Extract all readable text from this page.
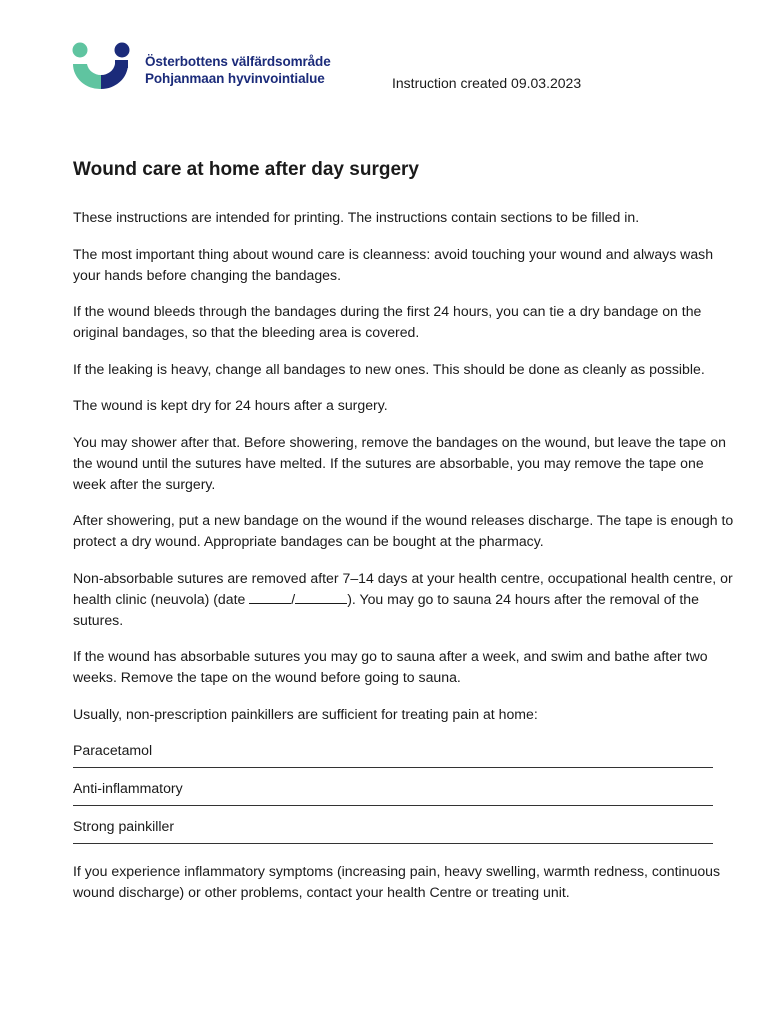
Österbottens välfärdsområde
Pohjanmaan hyvinvointialue	Instruction created 09.03.2023
Wound care at home after day surgery

These instructions are intended for printing. The instructions contain sections to be filled in.

The most important thing about wound care is cleanness: avoid touching your wound and always wash your hands before changing the bandages.

If the wound bleeds through the bandages during the first 24 hours, you can tie a dry bandage on the original bandages, so that the bleeding area is covered.

If the leaking is heavy, change all bandages to new ones. This should be done as cleanly as possible.

The wound is kept dry for 24 hours after a surgery.

You may shower after that. Before showering, remove the bandages on the wound, but leave the tape on the wound until the sutures have melted. If the sutures are absorbable, you may remove the tape one week after the surgery.

After showering, put a new bandage on the wound if the wound releases discharge. The tape is enough to protect a dry wound. Appropriate bandages can be bought at the pharmacy.

Non-absorbable sutures are removed after 7–14 days at your health centre, occupational health centre, or health clinic (neuvola) (date	/	). You may go to sauna 24 hours after the removal of the sutures.

If the wound has absorbable sutures you may go to sauna after a week, and swim and bathe after two weeks. Remove the tape on the wound before going to sauna.

Usually, non-prescription painkillers are sufficient for treating pain at home:

Paracetamol
Anti-inflammatory
Strong painkiller

If you experience inflammatory symptoms (increasing pain, heavy swelling, warmth redness, continuous wound discharge) or other problems, contact your health Centre or treating unit.
